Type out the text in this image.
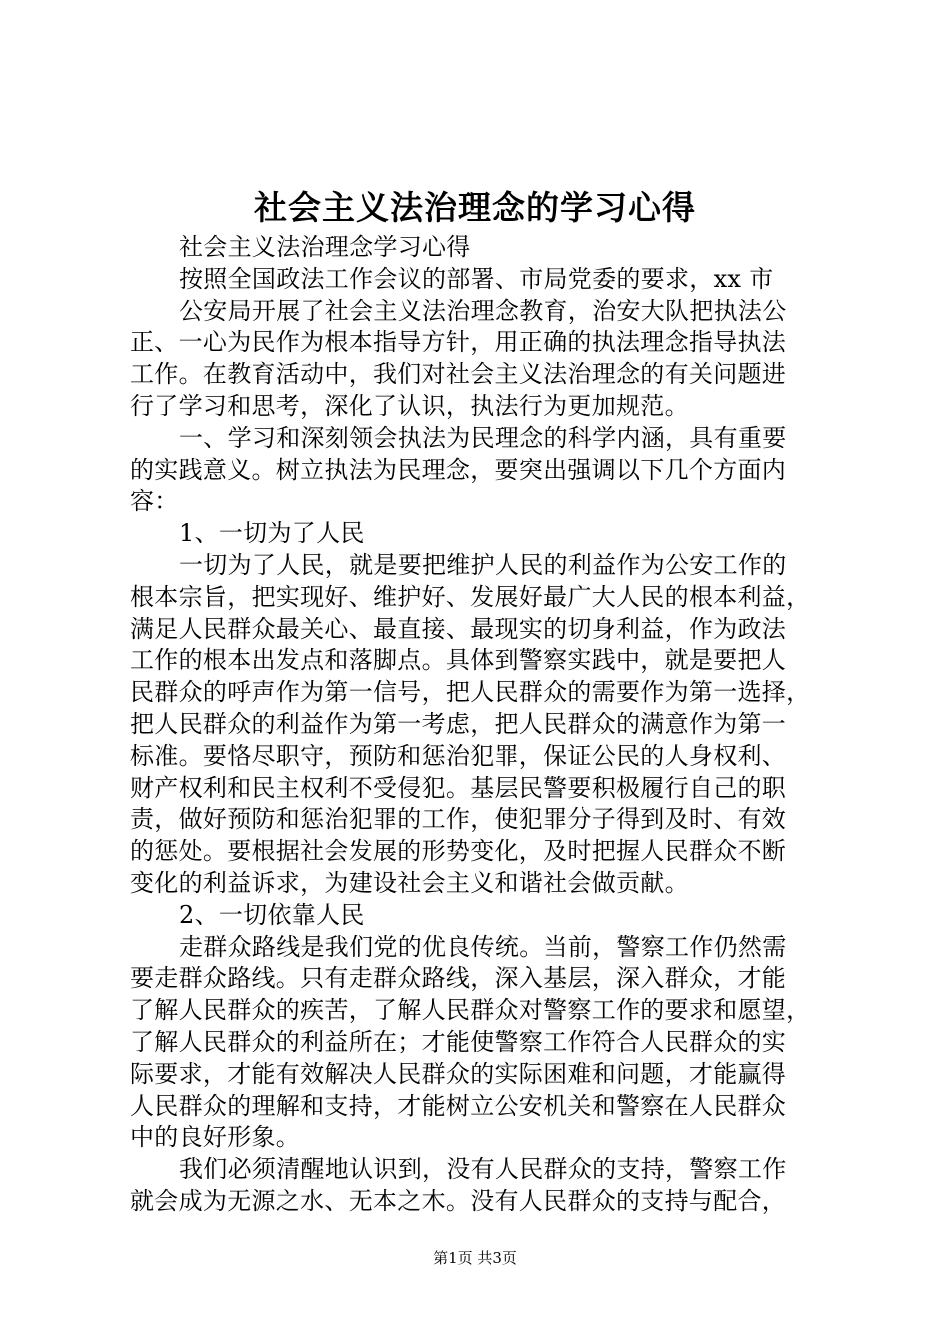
社会主义法治理念的学习心得
社会主义法治理念学习心得
按照全国政法工作会议的部署、市局党委的要求，xx 市
公安局开展了社会主义法治理念教育，治安大队把执法公
正、一心为民作为根本指导方针，用正确的执法理念指导执法
工作。在教育活动中，我们对社会主义法治理念的有关问题进
行了学习和思考，深化了认识，执法行为更加规范。
一、学习和深刻领会执法为民理念的科学内涵，具有重要
的实践意义。树立执法为民理念，要突出强调以下几个方面内
容：
1、一切为了人民
一切为了人民，就是要把维护人民的利益作为公安工作的
根本宗旨，把实现好、维护好、发展好最广大人民的根本利益，
满足人民群众最关心、最直接、最现实的切身利益，作为政法
工作的根本出发点和落脚点。具体到警察实践中，就是要把人
民群众的呼声作为第一信号，把人民群众的需要作为第一选择，
把人民群众的利益作为第一考虑，把人民群众的满意作为第一
标准。要恪尽职守，预防和惩治犯罪，保证公民的人身权利、
财产权利和民主权利不受侵犯。基层民警要积极履行自己的职
责，做好预防和惩治犯罪的工作，使犯罪分子得到及时、有效
的惩处。要根据社会发展的形势变化，及时把握人民群众不断
变化的利益诉求，为建设社会主义和谐社会做贡献。
2、一切依靠人民
走群众路线是我们党的优良传统。当前，警察工作仍然需
要走群众路线。只有走群众路线，深入基层，深入群众，才能
了解人民群众的疾苦，了解人民群众对警察工作的要求和愿望，
了解人民群众的利益所在；才能使警察工作符合人民群众的实
际要求，才能有效解决人民群众的实际困难和问题，才能赢得
人民群众的理解和支持，才能树立公安机关和警察在人民群众
中的良好形象。
我们必须清醒地认识到，没有人民群众的支持，警察工作
就会成为无源之水、无本之木。没有人民群众的支持与配合，
第1页 共3页
